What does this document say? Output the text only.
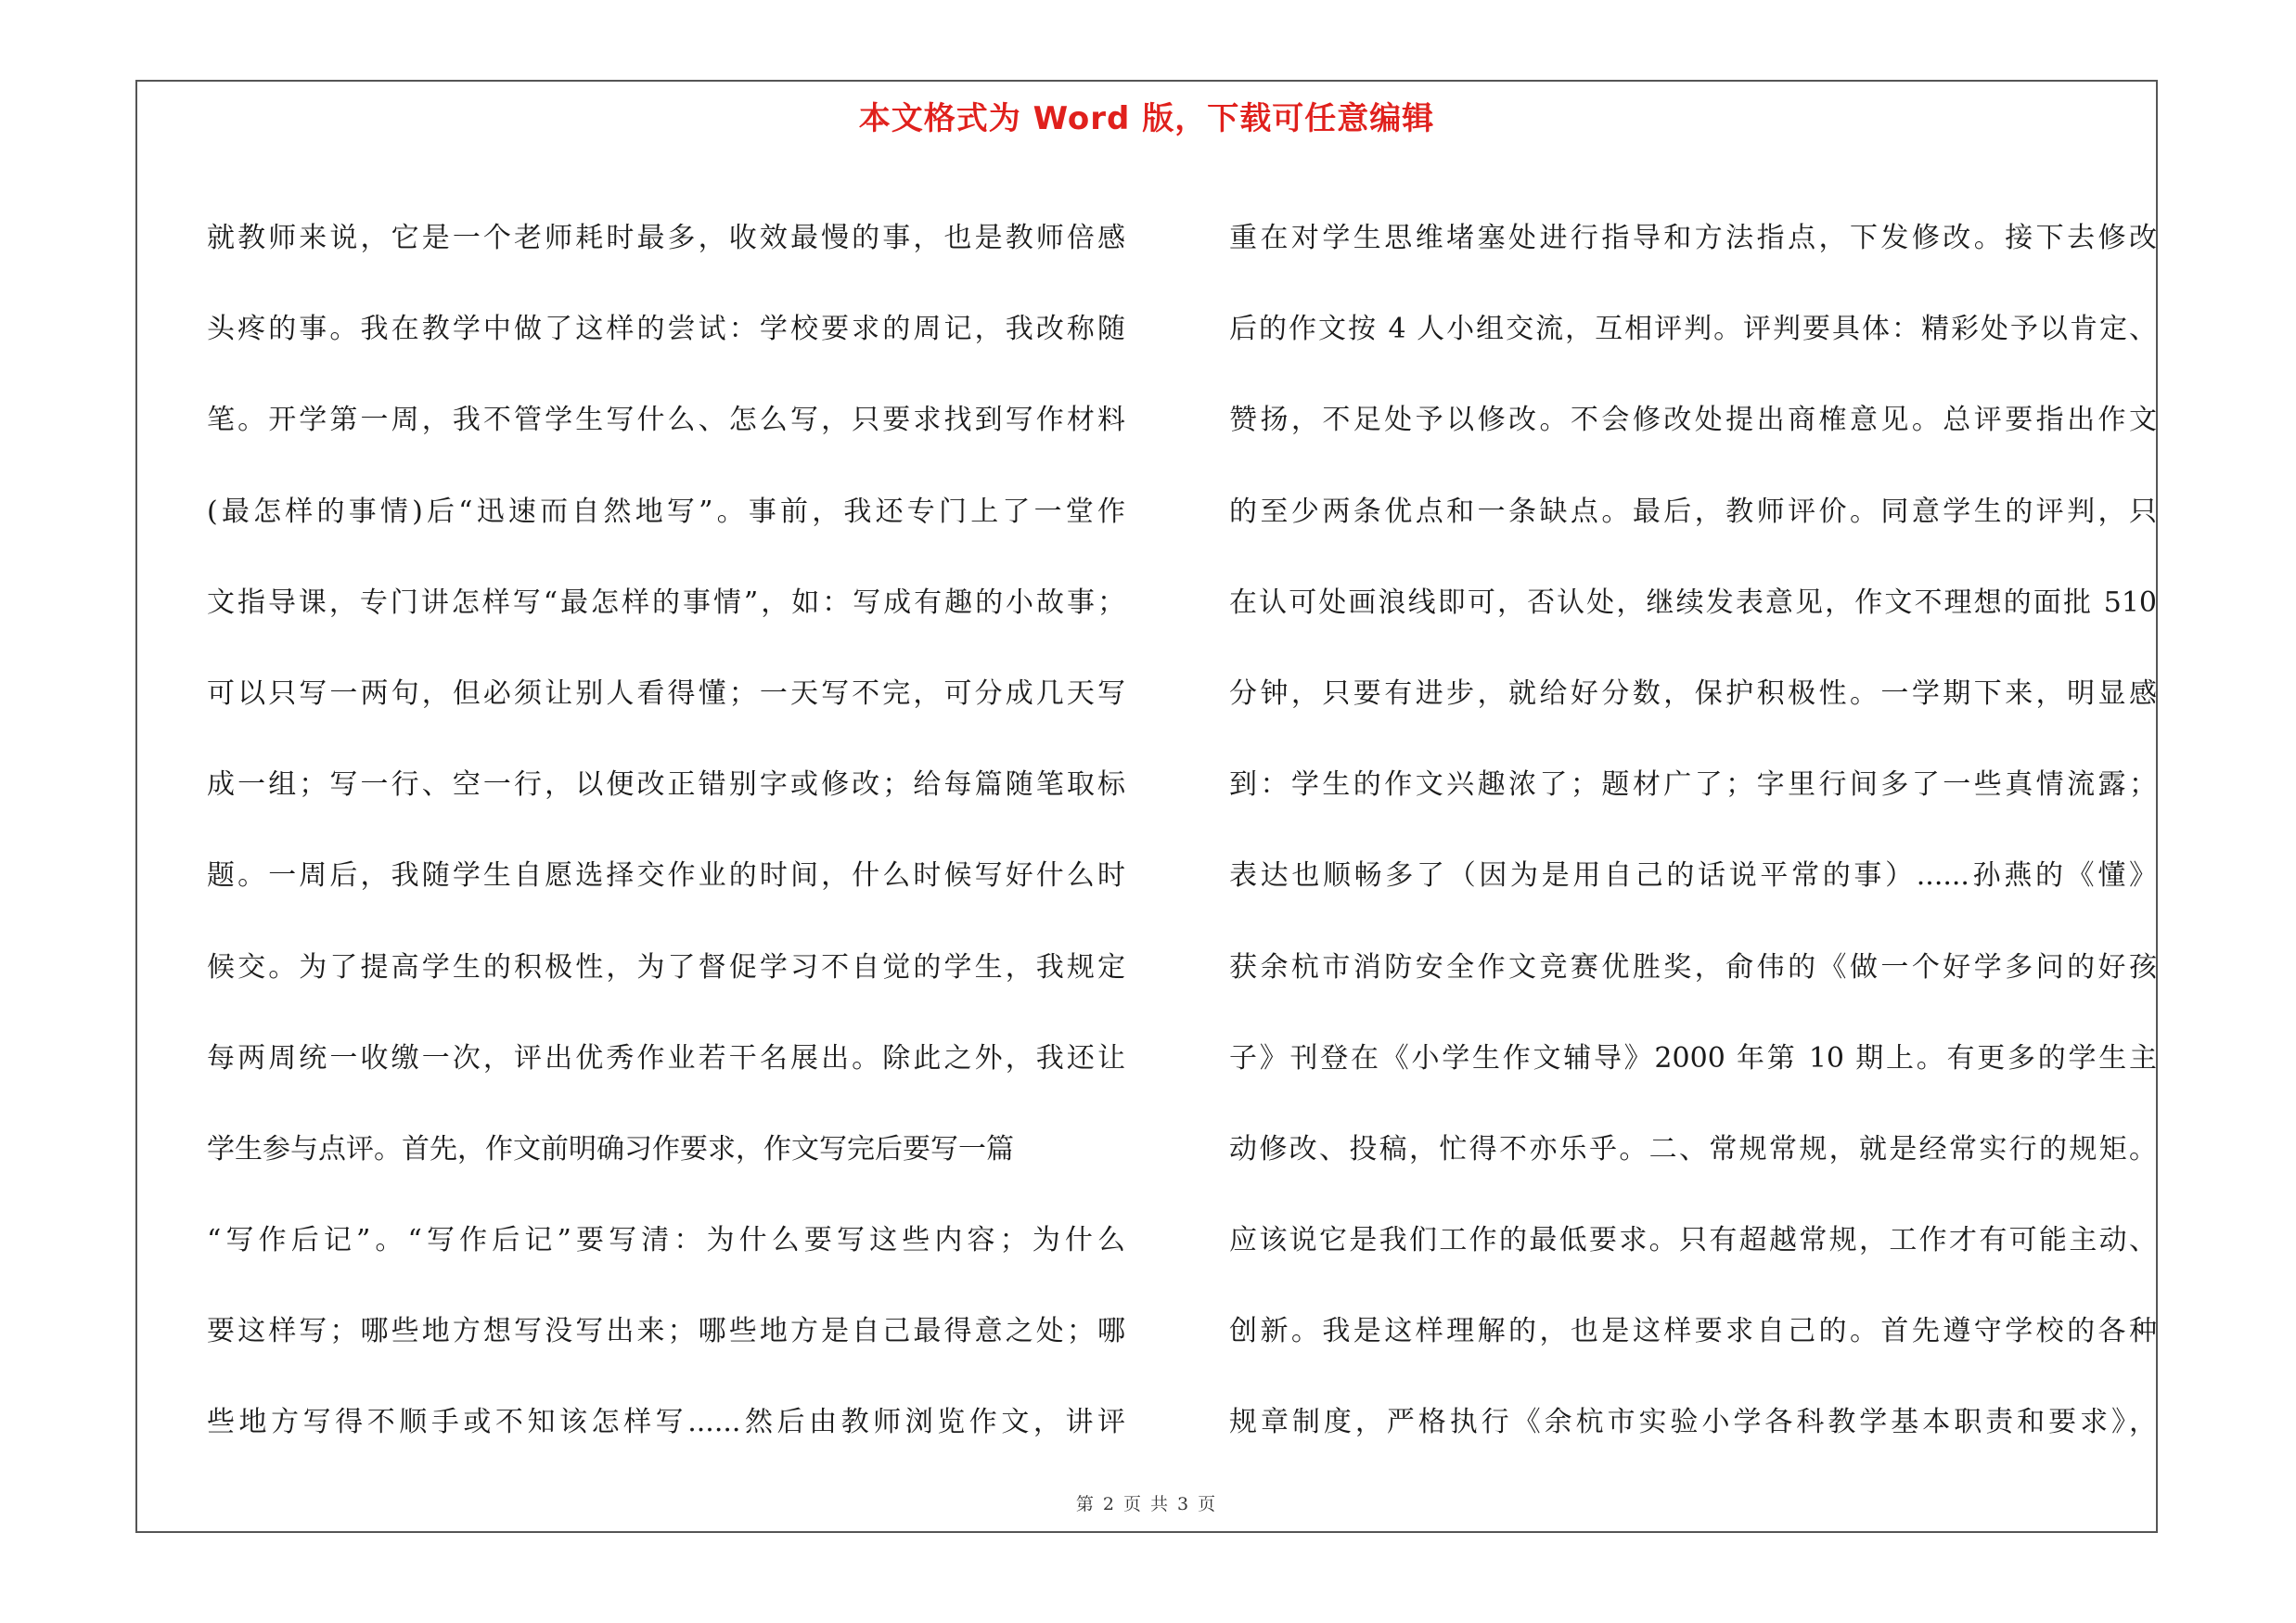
本文格式为 Word 版，下载可任意编辑
就教师来说，它是一个老师耗时最多，收效最慢的事，也是教师倍感
头疼的事。我在教学中做了这样的尝试：学校要求的周记，我改称随
笔。开学第一周，我不管学生写什么、怎么写，只要求找到写作材料
(最怎样的事情)后“迅速而自然地写”。事前，我还专门上了一堂作
文指导课，专门讲怎样写“最怎样的事情”，如：写成有趣的小故事；
可以只写一两句，但必须让别人看得懂；一天写不完，可分成几天写
成一组；写一行、空一行，以便改正错别字或修改；给每篇随笔取标
题。一周后，我随学生自愿选择交作业的时间，什么时候写好什么时
候交。为了提高学生的积极性，为了督促学习不自觉的学生，我规定
每两周统一收缴一次，评出优秀作业若干名展出。除此之外，我还让
学生参与点评。首先，作文前明确习作要求，作文写完后要写一篇
“写作后记”。“写作后记”要写清：为什么要写这些内容；为什么
要这样写；哪些地方想写没写出来；哪些地方是自己最得意之处；哪
些地方写得不顺手或不知该怎样写......然后由教师浏览作文，讲评
重在对学生思维堵塞处进行指导和方法指点，下发修改。接下去修改
后的作文按 4 人小组交流，互相评判。评判要具体：精彩处予以肯定、
赞扬，不足处予以修改。不会修改处提出商榷意见。总评要指出作文
的至少两条优点和一条缺点。最后，教师评价。同意学生的评判，只
在认可处画浪线即可，否认处，继续发表意见，作文不理想的面批 510
分钟，只要有进步，就给好分数，保护积极性。一学期下来，明显感
到：学生的作文兴趣浓了；题材广了；字里行间多了一些真情流露；
表达也顺畅多了（因为是用自己的话说平常的事）......孙燕的《懂》
获余杭市消防安全作文竞赛优胜奖，俞伟的《做一个好学多问的好孩
子》刊登在《小学生作文辅导》2000 年第 10 期上。有更多的学生主
动修改、投稿，忙得不亦乐乎。二、常规常规，就是经常实行的规矩。
应该说它是我们工作的最低要求。只有超越常规，工作才有可能主动、
创新。我是这样理解的，也是这样要求自己的。首先遵守学校的各种
规章制度，严格执行《余杭市实验小学各科教学基本职责和要求》，
第 2 页 共 3 页
